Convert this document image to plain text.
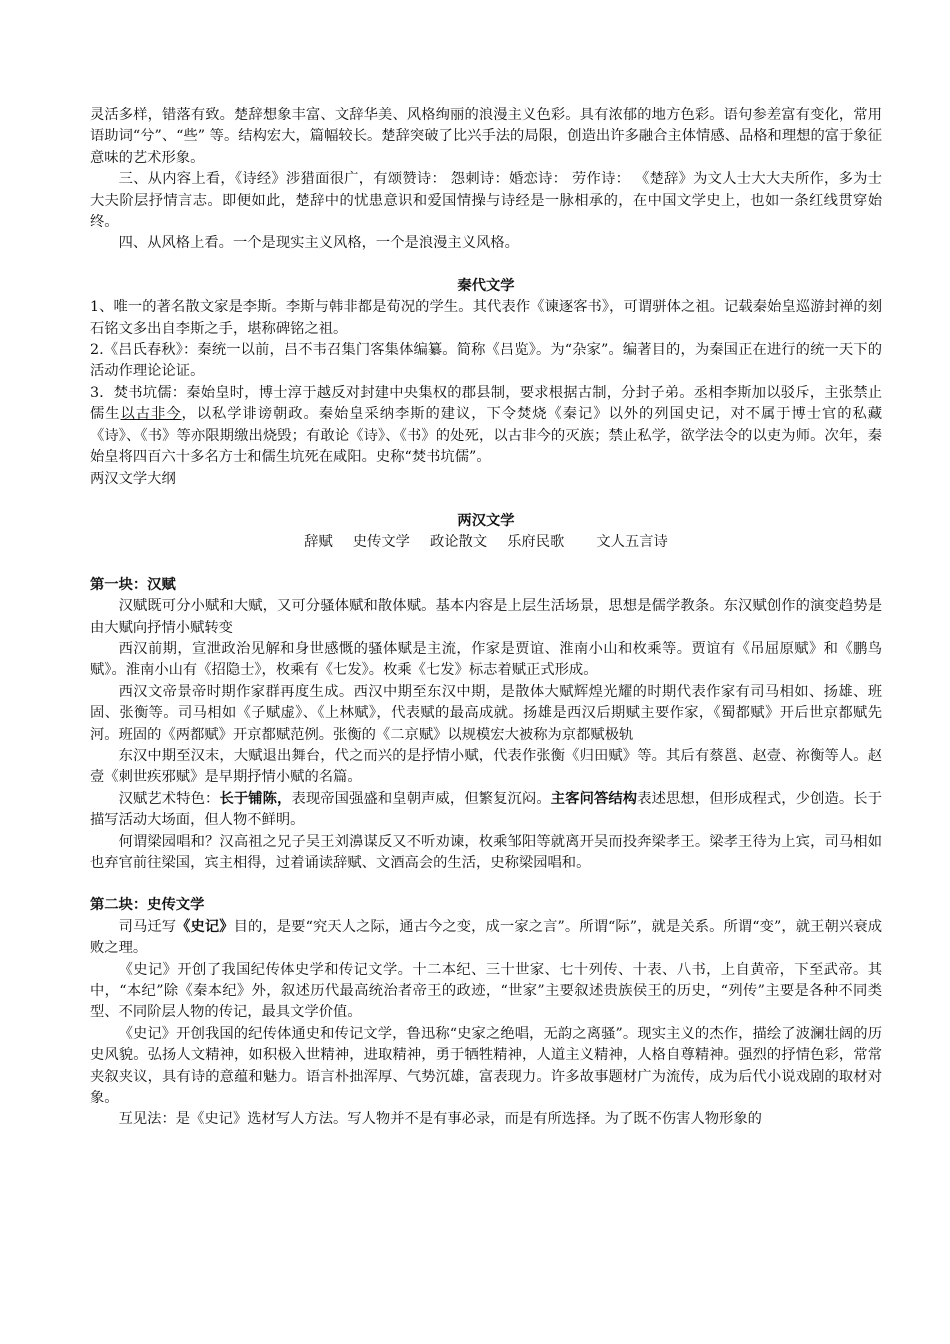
灵活多样，错落有致。楚辞想象丰富、文辞华美、风格绚丽的浪漫主义色彩。具有浓郁的地方色彩。语句参差富有变化，常用语助词“兮”、“些” 等。结构宏大，篇幅较长。楚辞突破了比兴手法的局限，创造出许多融合主体情感、品格和理想的富于象征意味的艺术形象。

三、从内容上看，《诗经》涉猎面很广，有颂赞诗： 怨刺诗：婚恋诗： 劳作诗： 《楚辞》为文人士大大夫所作，多为士大夫阶层抒情言志。即便如此，楚辞中的忧患意识和爱国情操与诗经是一脉相承的，在中国文学史上，也如一条红线贯穿始终。

四、从风格上看。一个是现实主义风格，一个是浪漫主义风格。

秦代文学

1、唯一的著名散文家是李斯。李斯与韩非都是荀况的学生。其代表作《谏逐客书》，可谓骈体之祖。记载秦始皇巡游封禅的刻石铭文多出自李斯之手，堪称碑铭之祖。

2.《吕氏春秋》：秦统一以前，吕不韦召集门客集体编纂。简称《吕览》。为“杂家”。编著目的，为秦国正在进行的统一天下的活动作理论论证。

3．焚书坑儒：秦始皇时，博士淳于越反对封建中央集权的郡县制，要求根据古制，分封子弟。丞相李斯加以驳斥，主张禁止儒生以古非今，以私学诽谤朝政。秦始皇采纳李斯的建议，下令焚烧《秦记》以外的列国史记，对不属于博士官的私藏《诗》、《书》等亦限期缴出烧毁；有敢论《诗》、《书》的处死，以古非今的灭族；禁止私学，欲学法令的以吏为师。次年，秦始皇将四百六十多名方士和儒生坑死在咸阳。史称“焚书坑儒”。

两汉文学大纲

两汉文学

辞赋 史传文学 政论散文 乐府民歌 文人五言诗

第一块：汉赋

汉赋既可分小赋和大赋，又可分骚体赋和散体赋。基本内容是上层生活场景，思想是儒学教条。东汉赋创作的演变趋势是由大赋向抒情小赋转变

西汉前期，宣泄政治见解和身世感慨的骚体赋是主流，作家是贾谊、淮南小山和枚乘等。贾谊有《吊屈原赋》和《鹏鸟赋》。淮南小山有《招隐士》，枚乘有《七发》。枚乘《七发》标志着赋正式形成。

西汉文帝景帝时期作家群再度生成。西汉中期至东汉中期，是散体大赋辉煌光耀的时期代表作家有司马相如、扬雄、班固、张衡等。司马相如《子赋虚》、《上林赋》，代表赋的最高成就。扬雄是西汉后期赋主要作家，《蜀都赋》开后世京都赋先河。班固的《两都赋》开京都赋范例。张衡的《二京赋》以规模宏大被称为京都赋极轨

东汉中期至汉末，大赋退出舞台，代之而兴的是抒情小赋，代表作张衡《归田赋》等。其后有蔡邕、赵壹、祢衡等人。赵壹《刺世疾邪赋》是早期抒情小赋的名篇。

汉赋艺术特色：长于铺陈，表现帝国强盛和皇朝声威，但繁复沉闷。主客问答结构表述思想，但形成程式，少创造。长于描写活动大场面，但人物不鲜明。

何谓梁园唱和？汉高祖之兄子吴王刘濞谋反又不听劝谏，枚乘邹阳等就离开吴而投奔梁孝王。梁孝王待为上宾，司马相如也弃官前往梁国，宾主相得，过着诵读辞赋、文酒高会的生活，史称梁园唱和。

第二块：史传文学

司马迁写《史记》目的，是要“究天人之际，通古今之变，成一家之言”。所谓“际”，就是关系。所谓“变”，就王朝兴衰成败之理。

《史记》开创了我国纪传体史学和传记文学。十二本纪、三十世家、七十列传、十表、八书，上自黄帝，下至武帝。其中，“本纪”除《秦本纪》外，叙述历代最高统治者帝王的政迹，“世家”主要叙述贵族侯王的历史，“列传”主要是各种不同类型、不同阶层人物的传记，最具文学价值。

《史记》开创我国的纪传体通史和传记文学，鲁迅称“史家之绝唱，无韵之离骚”。现实主义的杰作，描绘了波澜壮阔的历史风貌。弘扬人文精神，如积极入世精神，进取精神，勇于牺牲精神，人道主义精神，人格自尊精神。强烈的抒情色彩，常常夹叙夹议，具有诗的意蕴和魅力。语言朴拙浑厚、气势沉雄，富表现力。许多故事题材广为流传，成为后代小说戏剧的取材对象。

互见法：是《史记》选材写人方法。写人物并不是有事必录，而是有所选择。为了既不伤害人物形象的
